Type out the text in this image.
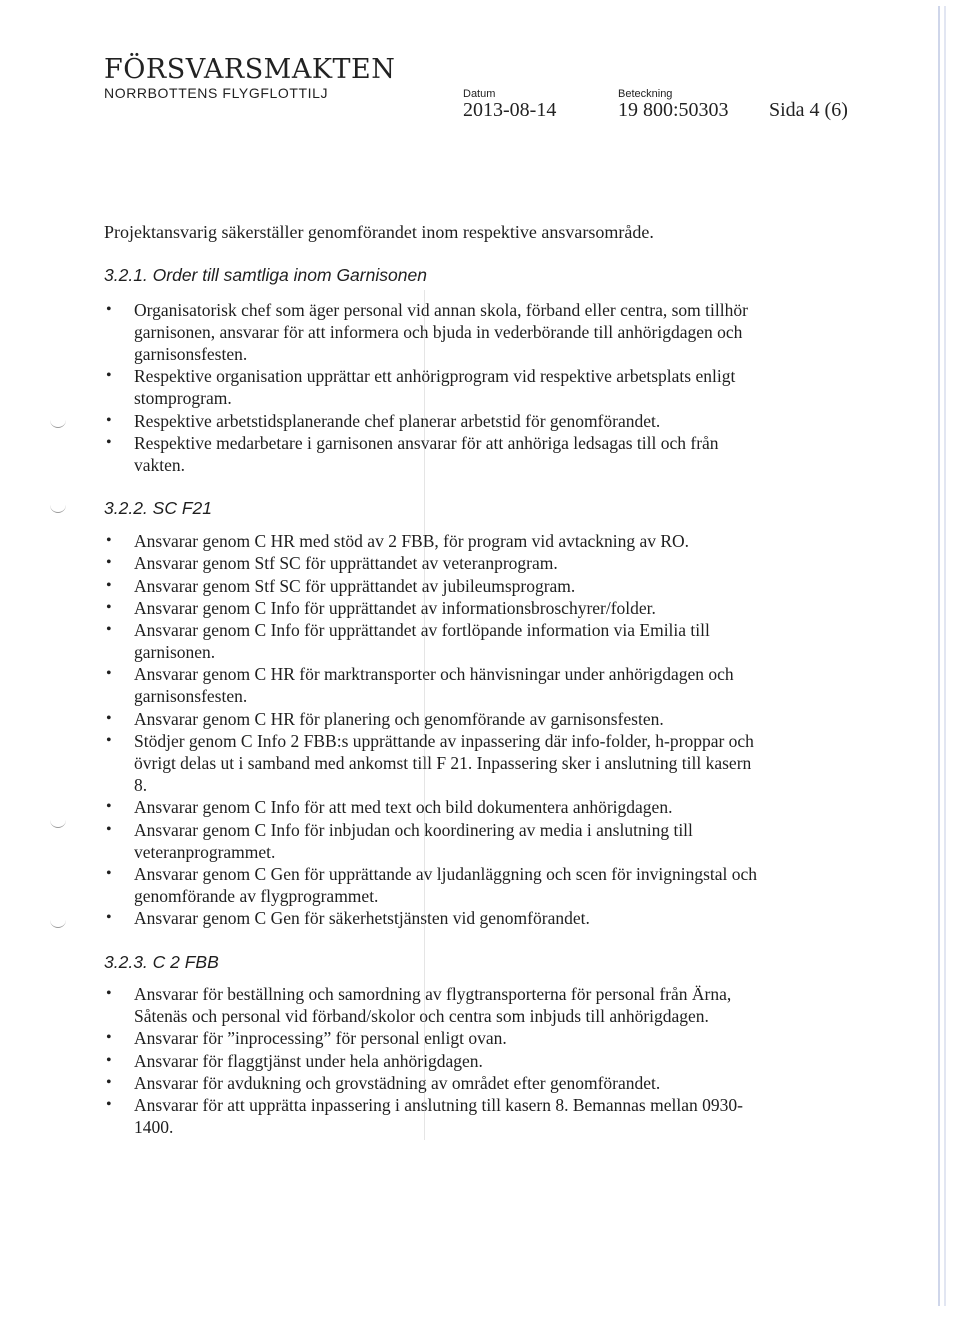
FÖRSVARSMAKTEN
NORRBOTTENS FLYGFLOTTILJ	Datum
2013-08-14
Beteckning
19 800:50303 Sida 4 (6)
Projektansvarig säkerställer genomförandet inom respektive ansvarsområde.
3.2.1. Order till samtliga inom Garnisonen
• Organisatorisk chef som äger personal vid annan skola, förband eller centra, som tillhör garnisonen, ansvarar för att informera och bjuda in vederbörande till anhörigdagen och garnisonsfesten.
• Respektive organisation upprättar ett anhörigprogram vid respektive arbetsplats enligt stomprogram.
• Respektive arbetstidsplanerande chef planerar arbetstid för genomförandet.
• Respektive medarbetare i garnisonen ansvarar för att anhöriga ledsagas till och från vakten.
3.2.2. SC F21
• Ansvarar genom C HR med stöd av 2 FBB, för program vid avtackning av RO.
• Ansvarar genom Stf SC för upprättandet av veteranprogram.
• Ansvarar genom Stf SC för upprättandet av jubileumsprogram.
• Ansvarar genom C Info för upprättandet av informationsbroschyrer/folder.
• Ansvarar genom C Info för upprättandet av fortlöpande information via Emilia till garnisonen.
• Ansvarar genom C HR för marktransporter och hänvisningar under anhörigdagen och garnisonsfesten.
• Ansvarar genom C HR för planering och genomförande av garnisonsfesten.
• Stödjer genom C Info 2 FBB:s upprättande av inpassering där info-folder, h-proppar och övrigt delas ut i samband med ankomst till F 21. Inpassering sker i anslutning till kasern 8.
• Ansvarar genom C Info för att med text och bild dokumentera anhörigdagen.
• Ansvarar genom C Info för inbjudan och koordinering av media i anslutning till veteranprogrammet.
• Ansvarar genom C Gen för upprättande av ljudanläggning och scen för invigningstal och genomförande av flygprogrammet.
• Ansvarar genom C Gen för säkerhetstjänsten vid genomförandet.
3.2.3. C 2 FBB
• Ansvarar för beställning och samordning av flygtransporterna för personal från Ärna, Såtenäs och personal vid förband/skolor och centra som inbjuds till anhörigdagen.
• Ansvarar för ”inprocessing” för personal enligt ovan.
• Ansvarar för flaggtjänst under hela anhörigdagen.
• Ansvarar för avdukning och grovstädning av området efter genomförandet.
• Ansvarar för att upprätta inpassering i anslutning till kasern 8. Bemannas mellan 0930-1400.
